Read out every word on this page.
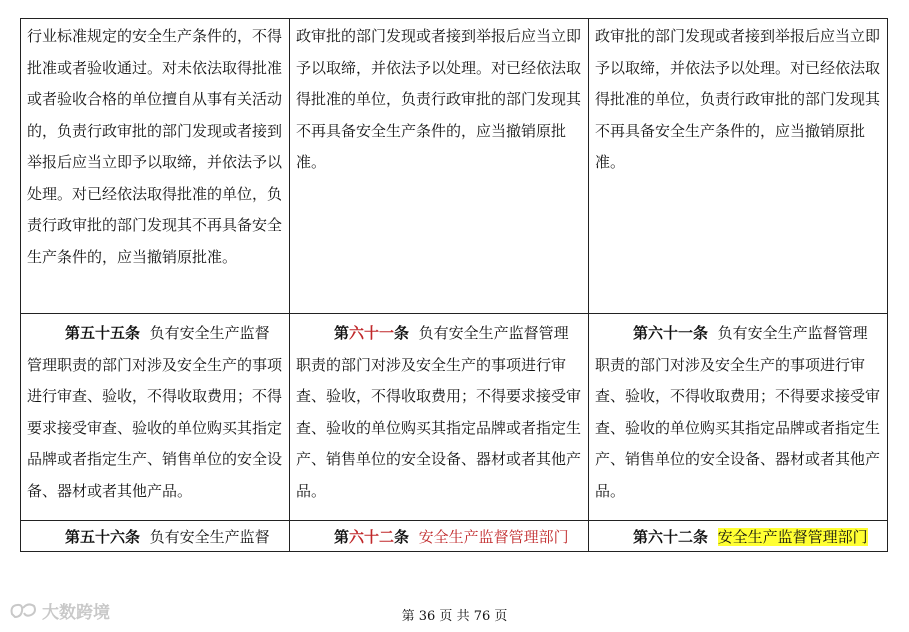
行业标准规定的安全生产条件的，不得批准或者验收通过。对未依法取得批准或者验收合格的单位擅自从事有关活动的，负责行政审批的部门发现或者接到举报后应当立即予以取缔，并依法予以处理。对已经依法取得批准的单位，负责行政审批的部门发现其不再具备安全生产条件的，应当撤销原批准。	政审批的部门发现或者接到举报后应当立即予以取缔，并依法予以处理。对已经依法取得批准的单位，负责行政审批的部门发现其不再具备安全生产条件的，应当撤销原批准。	政审批的部门发现或者接到举报后应当立即予以取缔，并依法予以处理。对已经依法取得批准的单位，负责行政审批的部门发现其不再具备安全生产条件的，应当撤销原批准。
第五十五条 负有安全生产监督管理职责的部门对涉及安全生产的事项进行审查、验收，不得收取费用；不得要求接受审查、验收的单位购买其指定品牌或者指定生产、销售单位的安全设备、器材或者其他产品。	第六十一条 负有安全生产监督管理职责的部门对涉及安全生产的事项进行审查、验收，不得收取费用；不得要求接受审查、验收的单位购买其指定品牌或者指定生产、销售单位的安全设备、器材或者其他产品。	第六十一条 负有安全生产监督管理职责的部门对涉及安全生产的事项进行审查、验收，不得收取费用；不得要求接受审查、验收的单位购买其指定品牌或者指定生产、销售单位的安全设备、器材或者其他产品。
第五十六条 负有安全生产监督	第六十二条 安全生产监督管理部门	第六十二条 安全生产监督管理部门
大数跨境	第 36 页 共 76 页
